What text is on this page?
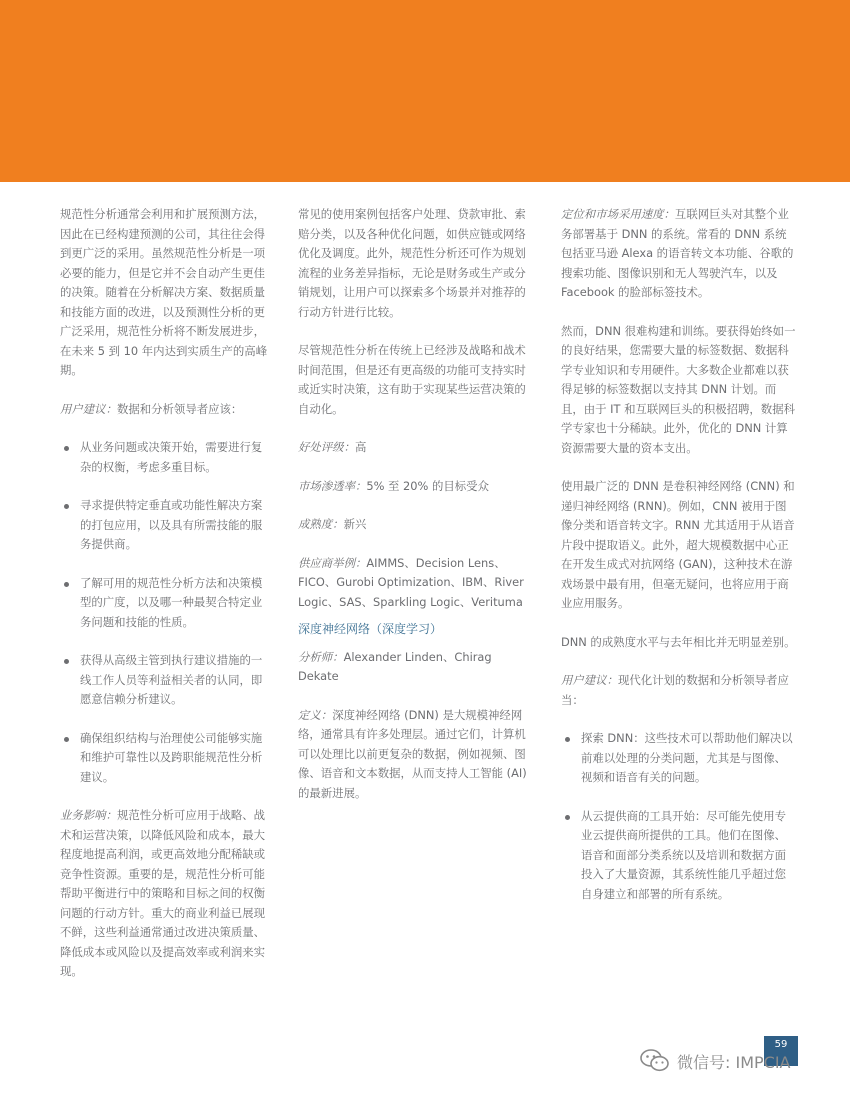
规范性分析通常会利用和扩展预测方法，因此在已经构建预测的公司，其往往会得到更广泛的采用。虽然规范性分析是一项必要的能力，但是它并不会自动产生更佳的决策。随着在分析解决方案、数据质量和技能方面的改进，以及预测性分析的更广泛采用，规范性分析将不断发展进步，在未来 5 到 10 年内达到实质生产的高峰期。

用户建议：数据和分析领导者应该：

从业务问题或决策开始，需要进行复杂的权衡，考虑多重目标。
寻求提供特定垂直或功能性解决方案的打包应用，以及具有所需技能的服务提供商。
了解可用的规范性分析方法和决策模型的广度，以及哪一种最契合特定业务问题和技能的性质。
获得从高级主管到执行建议措施的一线工作人员等利益相关者的认同，即愿意信赖分析建议。
确保组织结构与治理使公司能够实施和维护可靠性以及跨职能规范性分析建议。

业务影响：规范性分析可应用于战略、战术和运营决策，以降低风险和成本，最大程度地提高利润，或更高效地分配稀缺或竞争性资源。重要的是，规范性分析可能帮助平衡进行中的策略和目标之间的权衡问题的行动方针。重大的商业利益已展现不鲜，这些利益通常通过改进决策质量、降低成本或风险以及提高效率或利润来实现。

常见的使用案例包括客户处理、贷款审批、索赔分类，以及各种优化问题，如供应链或网络优化及调度。此外，规范性分析还可作为规划流程的业务差异指标，无论是财务或生产或分销规划，让用户可以探索多个场景并对推荐的行动方针进行比较。

尽管规范性分析在传统上已经涉及战略和战术时间范围，但是还有更高级的功能可支持实时或近实时决策，这有助于实现某些运营决策的自动化。

好处评级：高

市场渗透率：5% 至 20% 的目标受众

成熟度：新兴

供应商举例：AIMMS、Decision Lens、FICO、Gurobi Optimization、IBM、River Logic、SAS、Sparkling Logic、Verituma

深度神经网络（深度学习）

分析师：Alexander Linden、Chirag Dekate

定义：深度神经网络 (DNN) 是大规模神经网络，通常具有许多处理层。通过它们，计算机可以处理比以前更复杂的数据，例如视频、图像、语音和文本数据，从而支持人工智能 (AI) 的最新进展。

定位和市场采用速度：互联网巨头对其整个业务部署基于 DNN 的系统。常看的 DNN 系统包括亚马逊 Alexa 的语音转文本功能、谷歌的搜索功能、图像识别和无人驾驶汽车，以及 Facebook 的脸部标签技术。

然而，DNN 很难构建和训练。要获得始终如一的良好结果，您需要大量的标签数据、数据科学专业知识和专用硬件。大多数企业都难以获得足够的标签数据以支持其 DNN 计划。而且，由于 IT 和互联网巨头的积极招聘，数据科学专家也十分稀缺。此外，优化的 DNN 计算资源需要大量的资本支出。

使用最广泛的 DNN 是卷积神经网络 (CNN) 和递归神经网络 (RNN)。例如，CNN 被用于图像分类和语音转文字。RNN 尤其适用于从语音片段中提取语义。此外，超大规模数据中心正在开发生成式对抗网络 (GAN)，这种技术在游戏场景中最有用，但毫无疑问，也将应用于商业应用服务。

DNN 的成熟度水平与去年相比并无明显差别。

用户建议：现代化计划的数据和分析领导者应当：

探索 DNN：这些技术可以帮助他们解决以前难以处理的分类问题，尤其是与图像、视频和语音有关的问题。
从云提供商的工具开始：尽可能先使用专业云提供商所提供的工具。他们在图像、语音和面部分类系统以及培训和数据方面投入了大量资源，其系统性能几乎超过您自身建立和部署的所有系统。
59
微信号: IMPCIA
